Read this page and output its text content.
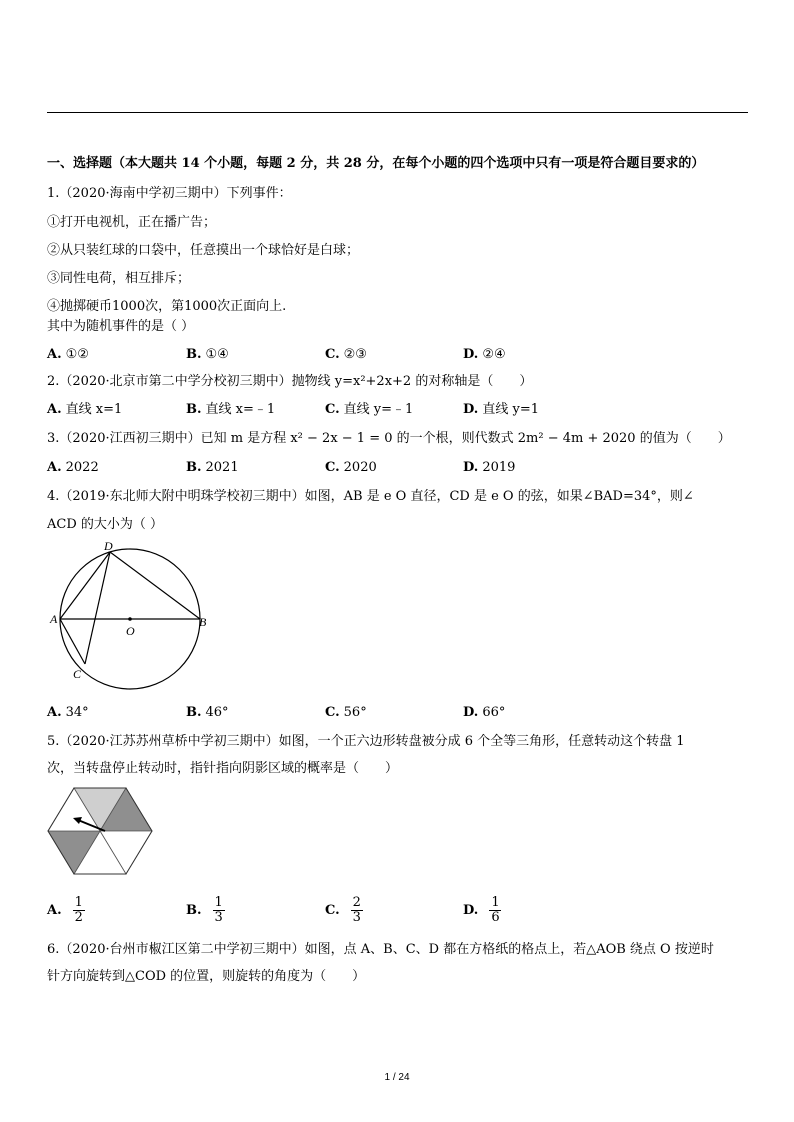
一、选择题（本大题共 14 个小题，每题 2 分，共 28 分，在每个小题的四个选项中只有一项是符合题目要求的）
1.（2020·海南中学初三期中）下列事件：
①打开电视机，正在播广告；
②从只装红球的口袋中，任意摸出一个球恰好是白球；
③同性电荷，相互排斥；
④抛掷硬币1000次，第1000次正面向上.
其中为随机事件的是（ ）
A. ①②	B. ①④	C. ②③	D. ②④
2.（2020·北京市第二中学分校初三期中）抛物线 y=x²+2x+2 的对称轴是（　　）
A. 直线 x=1	B. 直线 x=﹣1	C. 直线 y=﹣1	D. 直线 y=1
3.（2020·江西初三期中）已知 m 是方程 x² − 2x − 1 = 0 的一个根，则代数式 2m² − 4m + 2020 的值为（　　）
A. 2022	B. 2021	C. 2020	D. 2019
4.（2019·东北师大附中明珠学校初三期中）如图，AB 是 e O 直径，CD 是 e O 的弦，如果∠BAD=34°，则∠
ACD 的大小为（ ）
D
A
O
B
C
A. 34°	B. 46°	C. 56°	D. 66°
5.（2020·江苏苏州草桥中学初三期中）如图，一个正六边形转盘被分成 6 个全等三角形，任意转动这个转盘 1
次，当转盘停止转动时，指针指向阴影区域的概率是（　　）
A. $\frac{1}{2}$	B. $\frac{1}{3}$	C. $\frac{2}{3}$	D. $\frac{1}{6}$
6.（2020·台州市椒江区第二中学初三期中）如图，点 A、B、C、D 都在方格纸的格点上，若△AOB 绕点 O 按逆时
针方向旋转到△COD 的位置，则旋转的角度为（　　）
1 / 24
